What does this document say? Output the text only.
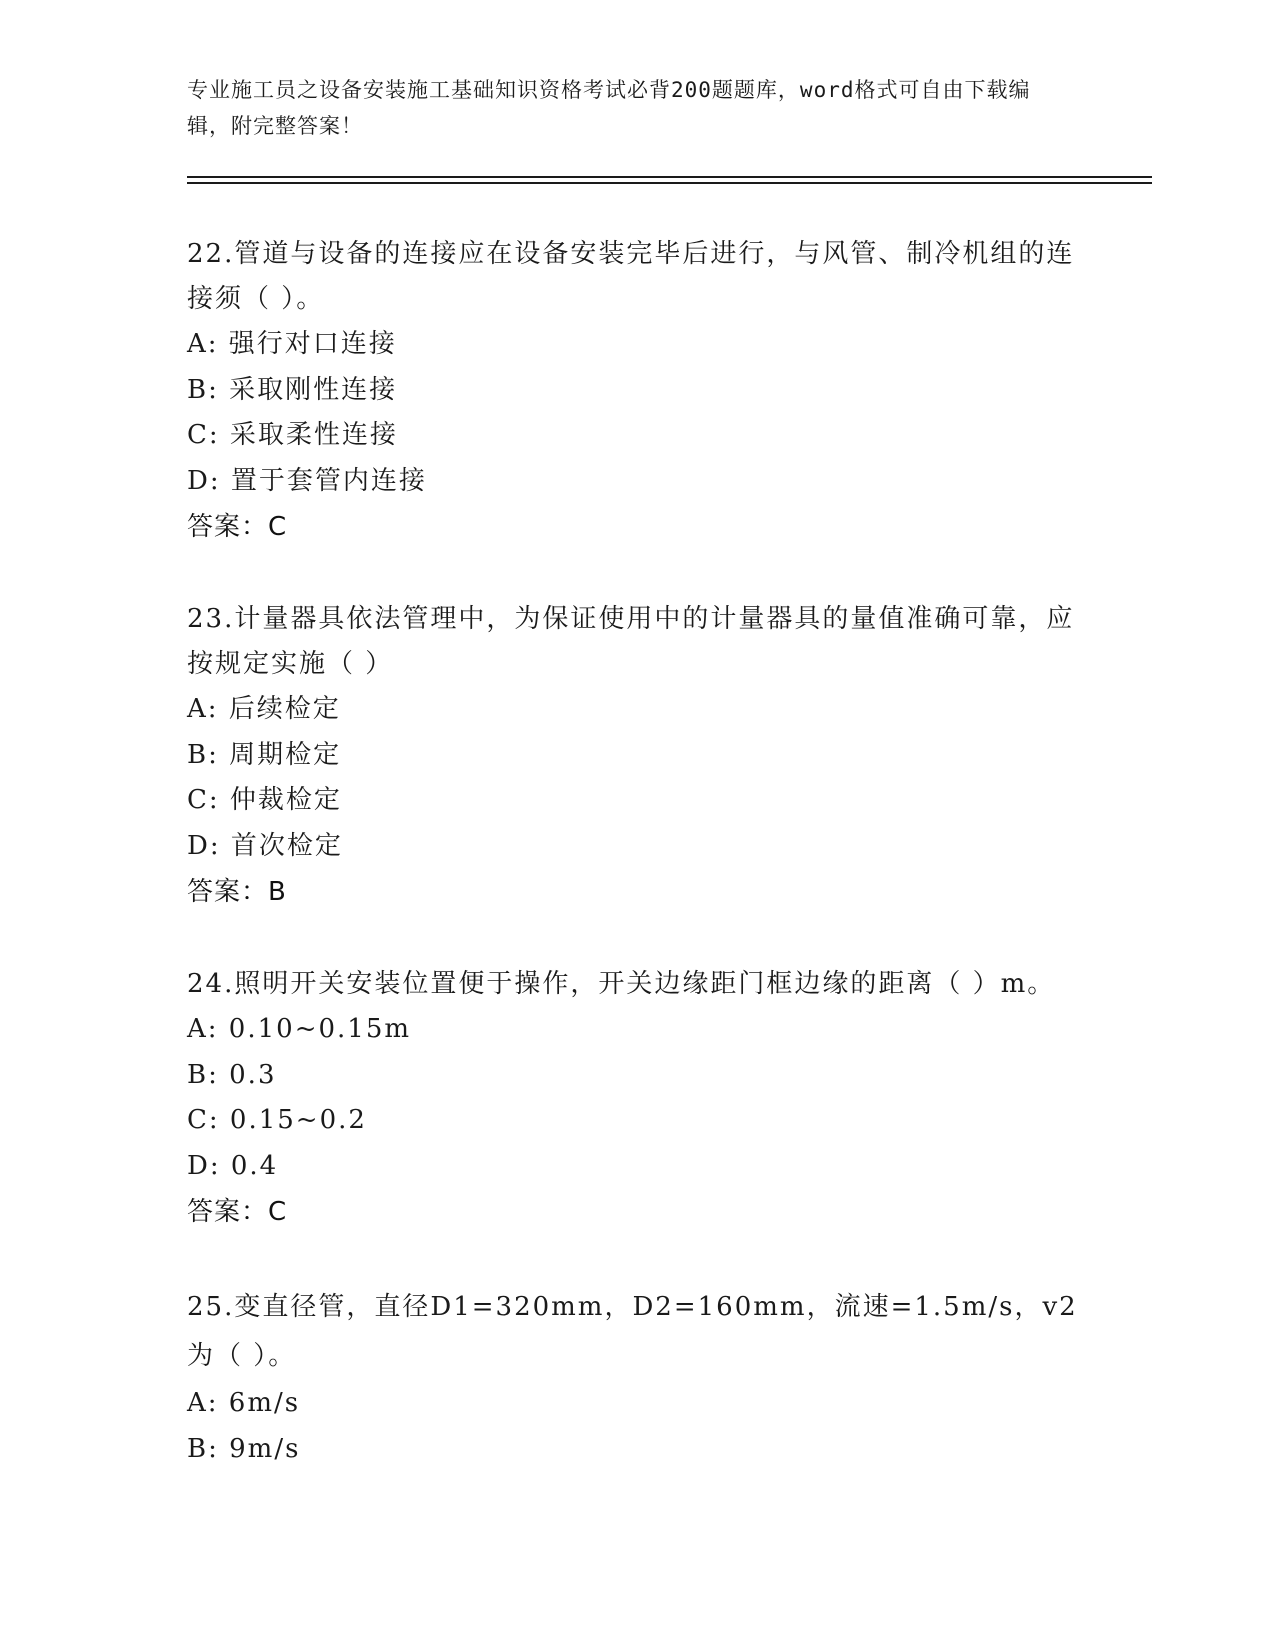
专业施工员之设备安装施工基础知识资格考试必背200题题库，word格式可自由下载编辑，附完整答案！
22.管道与设备的连接应在设备安装完毕后进行，与风管、制冷机组的连接须（ ）。
A: 强行对口连接
B: 采取刚性连接
C: 采取柔性连接
D: 置于套管内连接
答案：C
23.计量器具依法管理中，为保证使用中的计量器具的量值准确可靠，应按规定实施（ ）
A: 后续检定
B: 周期检定
C: 仲裁检定
D: 首次检定
答案：B
24.照明开关安装位置便于操作，开关边缘距门框边缘的距离（ ）m。
A: 0.10~0.15m
B: 0.3
C: 0.15~0.2
D: 0.4
答案：C
25.变直径管，直径D1=320mm，D2=160mm，流速=1.5m/s，v2为（ ）。
A: 6m/s
B: 9m/s
